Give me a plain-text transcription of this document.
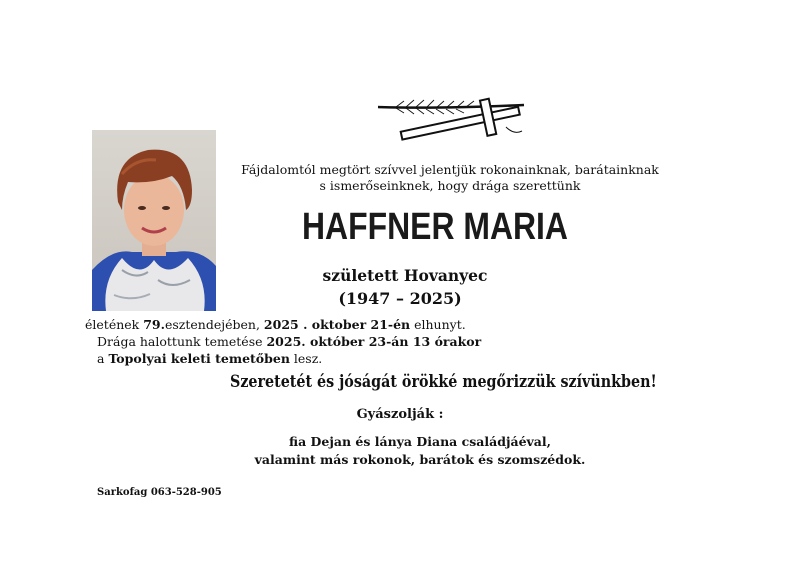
Fájdalomtól megtört szívvel jelentjük rokonainknak, barátainknak
s ismerőseinknek, hogy drága szerettünk
HAFFNER MARIA
született Hovanyec
(1947 – 2025)
életének 79.esztendejében, 2025 . oktober 21-én elhunyt.
Drága halottunk temetése 2025. október 23-án 13 órakor
a Topolyai keleti temetőben lesz.
Szeretetét és jóságát örökké megőrizzük szívünkben!
Gyászolják :
fia Dejan és lánya Diana családjáéval,
valamint más rokonok, barátok és szomszédok.
Sarkofag 063-528-905
